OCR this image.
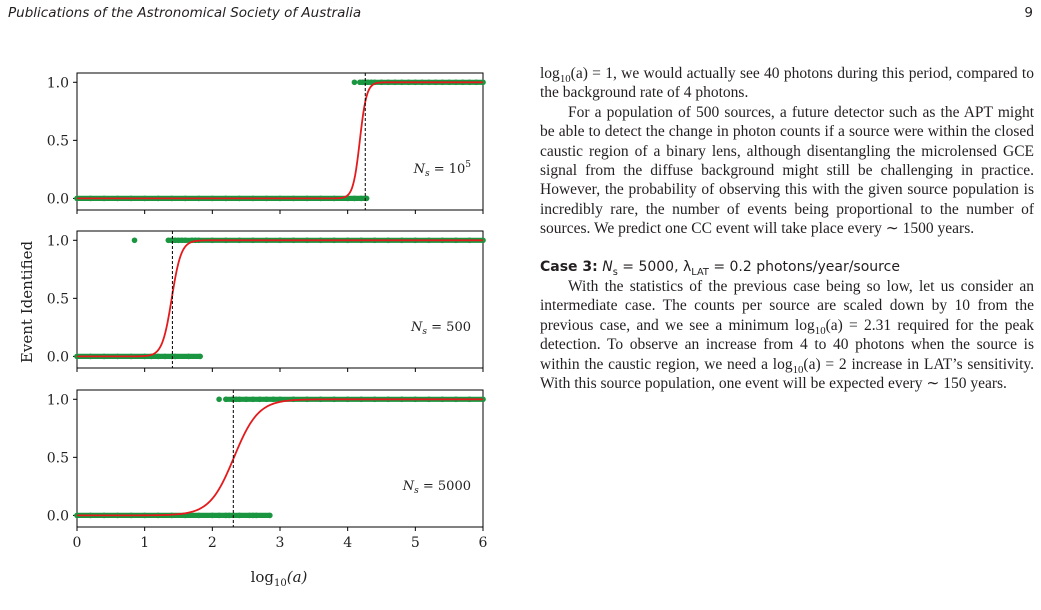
Publications of the Astronomical Society of Australia	9
Event Identified
$\log_{10}(a)$
0.0
0.5
1.0
$N_s = 10^5$
0.0
0.5
1.0
$N_s = 500$
0.0
0.5
1.0
0	1	2	3	4	5	6
$N_s = 5000$

$\log_{10}(a) = 1$, we would actually see 40 photons during this period, compared to the background rate of 4 photons.

For a population of 500 sources, a future detector such as the APT might be able to detect the change in photon counts if a source were within the closed caustic region of a binary lens, although disentangling the microlensed GCE signal from the diffuse background might still be challenging in practice. However, the probability of observing this with the given source population is incredibly rare, the number of events being proportional to the number of sources. We predict one CC event will take place every ∼ 1500 years.

Case 3: $N_s = 5000$, $\lambda_{LAT} = 0.2$ photons/year/source

With the statistics of the previous case being so low, let us consider an intermediate case. The counts per source are scaled down by 10 from the previous case, and we see a minimum $\log_{10}(a) = 2.31$ required for the peak detection. To observe an increase from 4 to 40 photons when the source is within the caustic region, we need a $\log_{10}(a) = 2$ increase in LAT’s sensitivity. With this source population, one event will be expected every ∼ 150 years.
